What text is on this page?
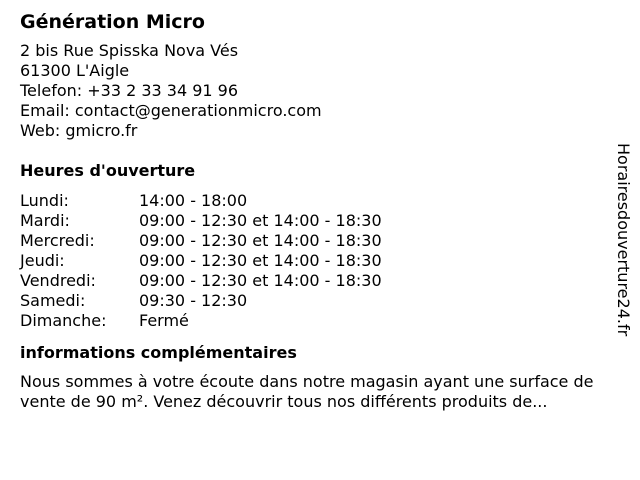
Génération Micro
2 bis Rue Spisska Nova Vés
61300 L'Aigle
Telefon: +33 2 33 34 91 96
Email: contact@generationmicro.com
Web: gmicro.fr
Heures d'ouverture
Lundi:	14:00 - 18:00
Mardi:	09:00 - 12:30 et 14:00 - 18:30
Mercredi:	09:00 - 12:30 et 14:00 - 18:30
Jeudi:	09:00 - 12:30 et 14:00 - 18:30
Vendredi:	09:00 - 12:30 et 14:00 - 18:30
Samedi:	09:30 - 12:30
Dimanche:	Fermé
informations complémentaires

Nous sommes à votre écoute dans notre magasin ayant une surface de vente de 90 m². Venez découvrir tous nos différents produits de...

Horairesdouverture24.fr
